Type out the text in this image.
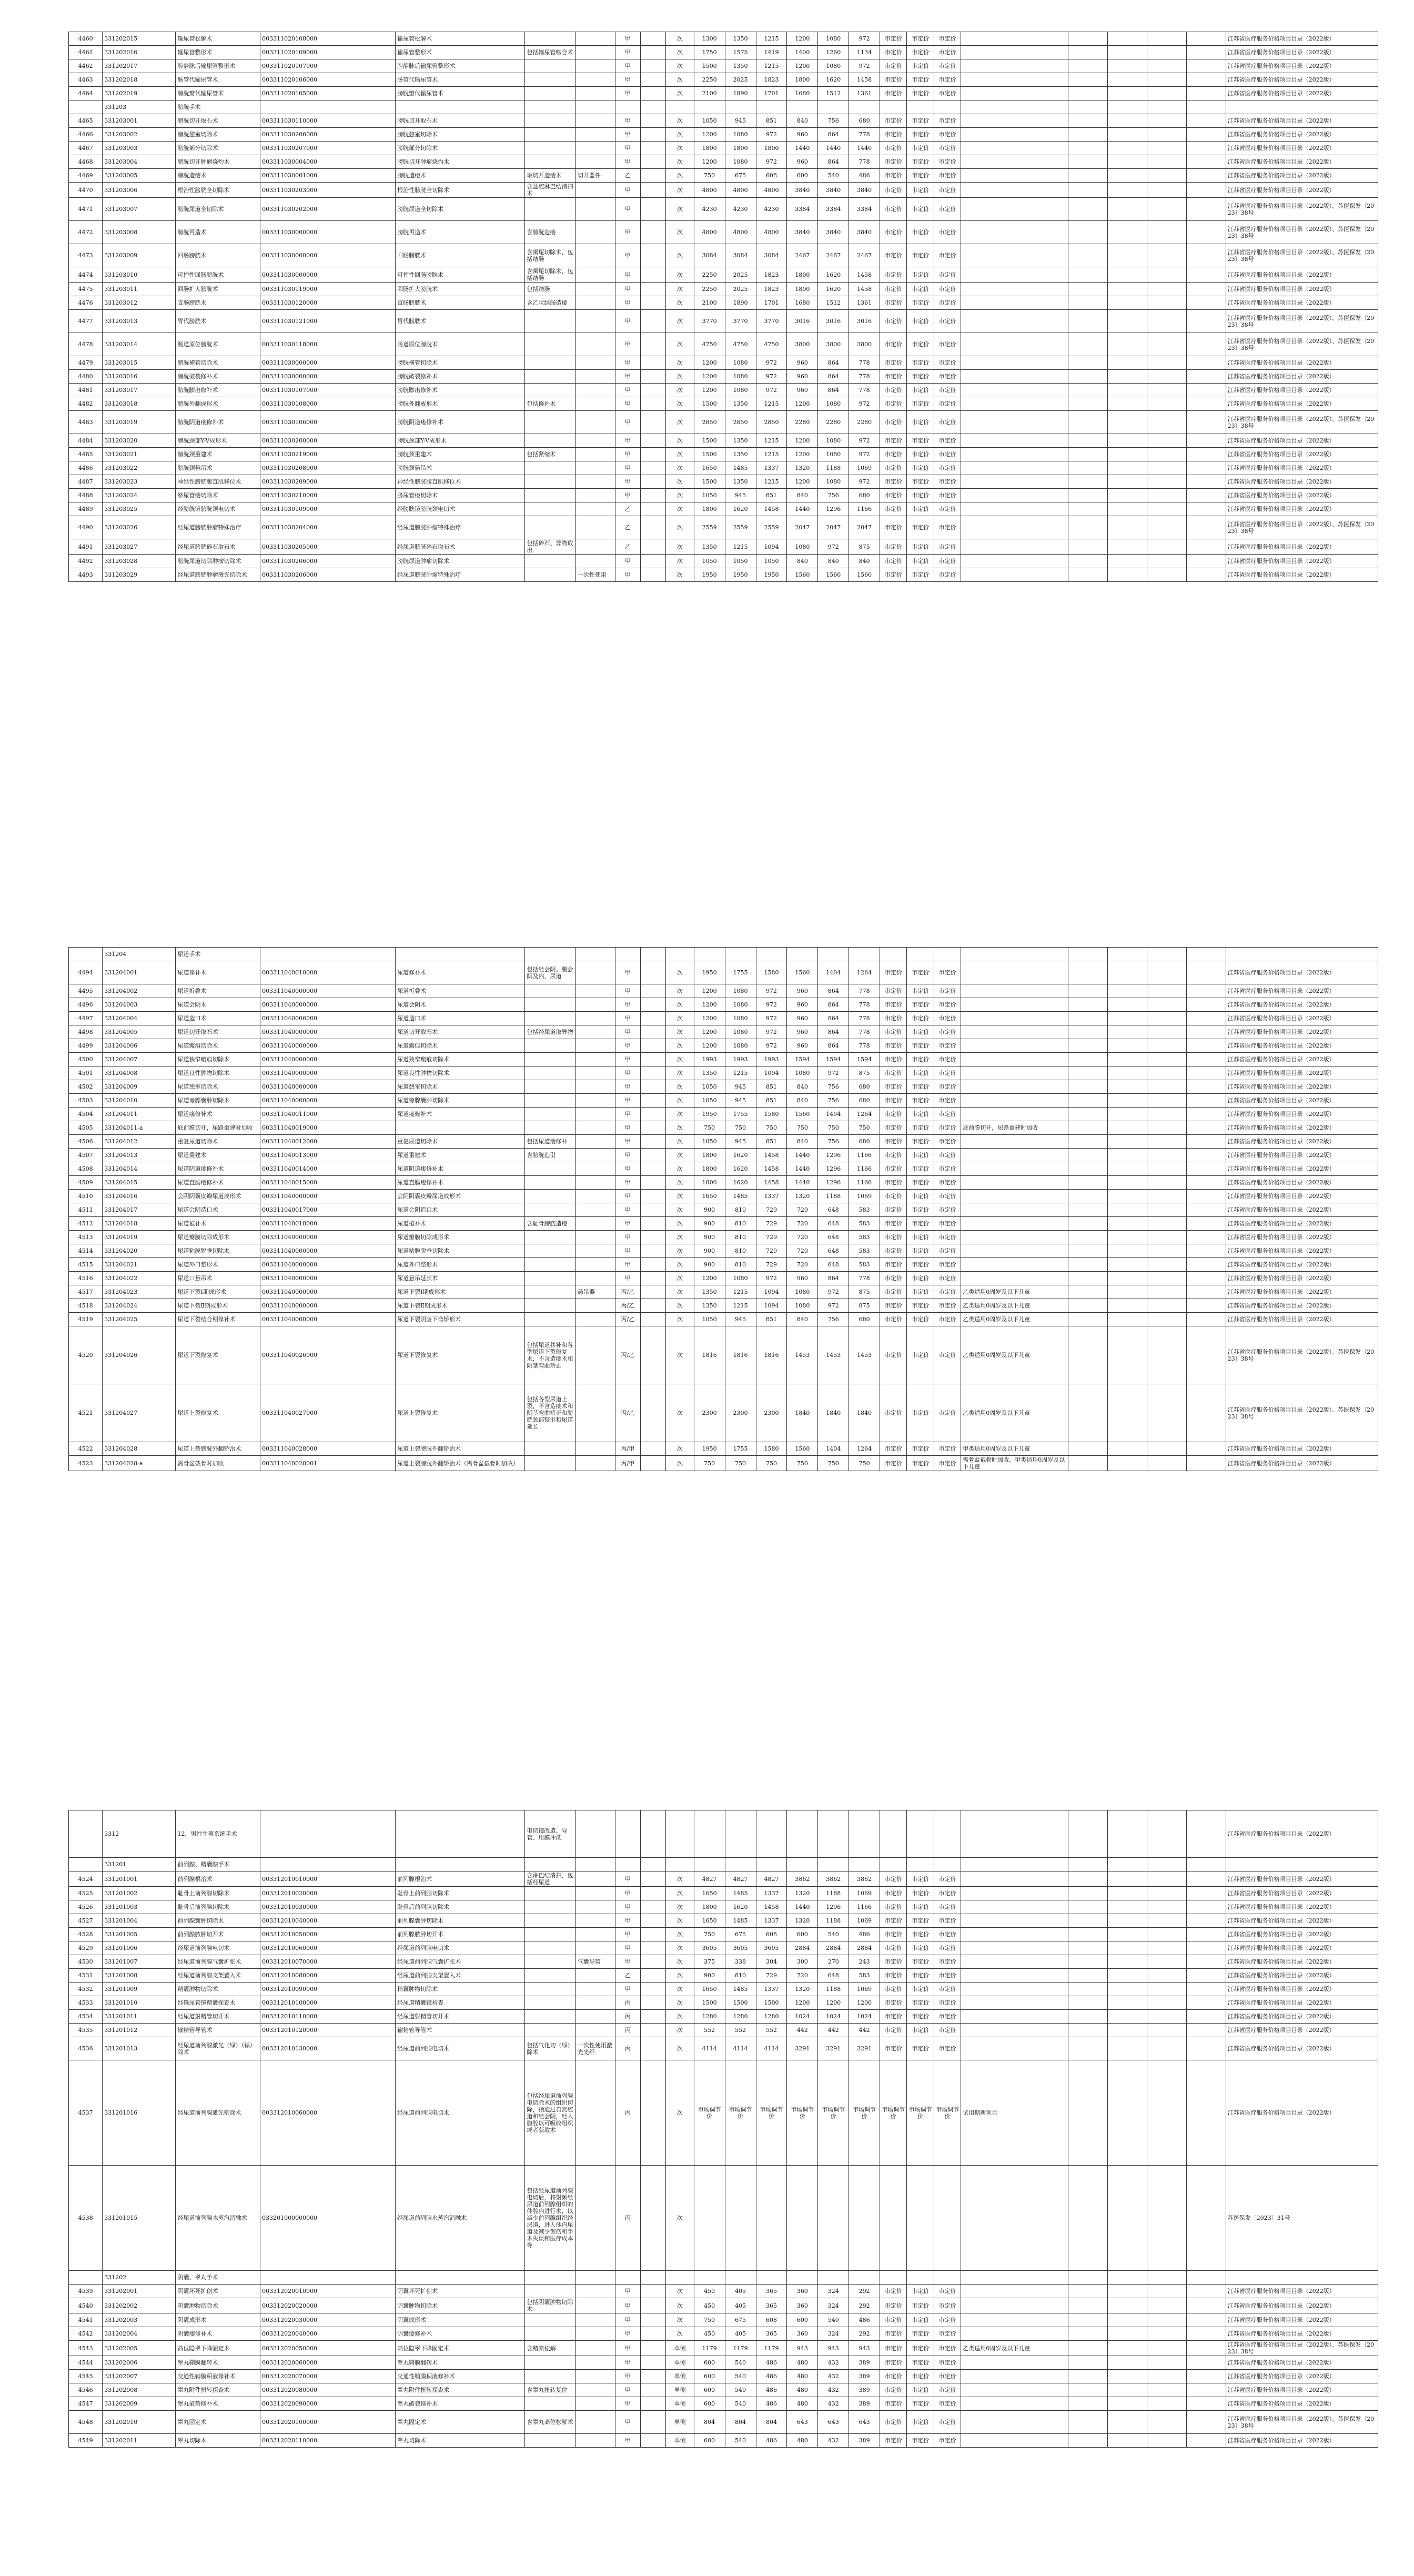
4460	331202015	输尿管松解术	003311020108000	输尿管松解术			甲		次	1300	1350	1215	1200	1080	972	市定价	市定价	市定价						江苏省医疗服务价格项目目录（2022版）
4461	331202016	输尿管整形术	003311020109000	输尿管整形术	包括输尿管吻合术		甲		次	1750	1575	1419	1400	1260	1134	市定价	市定价	市定价						江苏省医疗服务价格项目目录（2022版）
4462	331202017	腔静脉后输尿管整形术	003311020107000	腔静脉后输尿管整形术			甲		次	1500	1350	1215	1200	1080	972	市定价	市定价	市定价						江苏省医疗服务价格项目目录（2022版）
4463	331202018	肠管代输尿管术	003311020106000	肠管代输尿管术			甲		次	2250	2025	1823	1800	1620	1458	市定价	市定价	市定价						江苏省医疗服务价格项目目录（2022版）
4464	331202019	膀胱瓣代输尿管术	003311020105000	膀胱瓣代输尿管术			甲		次	2100	1890	1701	1680	1512	1361	市定价	市定价	市定价						江苏省医疗服务价格项目目录（2022版）
	331203	膀胱手术																						
4465	331203001	膀胱切开取石术	003311030110000	膀胱切开取石术			甲		次	1050	945	851	840	756	680	市定价	市定价	市定价						江苏省医疗服务价格项目目录（2022版）
4466	331203002	膀胱憩室切除术	003311030206000	膀胱憩室切除术			甲		次	1200	1080	972	960	864	778	市定价	市定价	市定价						江苏省医疗服务价格项目目录（2022版）
4467	331203003	膀胱部分切除术	003311030207000	膀胱部分切除术			甲		次	1800	1800	1800	1440	1440	1440	市定价	市定价	市定价						江苏省医疗服务价格项目目录（2022版）
4468	331203004	膀胱切开肿瘤烧灼术	003311030004000	膀胱切开肿瘤烧灼术			甲		次	1200	1080	972	960	864	778	市定价	市定价	市定价						江苏省医疗服务价格项目目录（2022版）
4469	331203005	膀胱造瘘术	003311030001000	膀胱造瘘术	取切开造瘘术	切开器件	乙		次	750	675	608	600	540	486	市定价	市定价	市定价						江苏省医疗服务价格项目目录（2022版）
4470	331203006	根治性膀胱全切除术	003311030203000	根治性膀胱全切除术	含盆腔淋巴结清扫术		甲		次	4800	4800	4800	3840	3840	3840	市定价	市定价	市定价						江苏省医疗服务价格项目目录（2022版）
4471	331203007	膀胱尿道全切除术	003311030202000	膀胱尿道全切除术			甲		次	4230	4230	4230	3384	3384	3384	市定价	市定价	市定价						江苏省医疗服务价格项目目录（2022版）、苏医保发〔2023〕38号
4472	331203008	膀胱再造术	003311030000000	膀胱再造术	含膀胱造瘘		甲		次	4800	4800	4800	3840	3840	3840	市定价	市定价	市定价						江苏省医疗服务价格项目目录（2022版）、苏医保发〔2023〕38号
4473	331203009	回肠膀胱术	003311030000000	回肠膀胱术	含阑尾切除术，包括结肠		甲		次	3084	3084	3084	2467	2467	2467	市定价	市定价	市定价						江苏省医疗服务价格项目目录（2022版）、苏医保发〔2023〕38号
4474	331203010	可控性回肠膀胱术	003311030000000	可控性回肠膀胱术	含阑尾切除术，包括结肠		甲		次	2250	2025	1823	1800	1620	1458	市定价	市定价	市定价						江苏省医疗服务价格项目目录（2022版）
4475	331203011	回肠扩大膀胱术	003311030119000	回肠扩大膀胱术	包括结肠		甲		次	2250	2025	1823	1800	1620	1458	市定价	市定价	市定价						江苏省医疗服务价格项目目录（2022版）
4476	331203012	直肠膀胱术	003311030120000	直肠膀胱术	含乙状结肠造瘘		甲		次	2100	1890	1701	1680	1512	1361	市定价	市定价	市定价						江苏省医疗服务价格项目目录（2022版）
4477	331203013	胃代膀胱术	003311030121000	胃代膀胱术			甲		次	3770	3770	3770	3016	3016	3016	市定价	市定价	市定价						江苏省医疗服务价格项目目录（2022版）、苏医保发〔2023〕38号
4478	331203014	肠道原位膀胱术	003311030118000	肠道原位膀胱术			甲		次	4750	4750	4750	3800	3800	3800	市定价	市定价	市定价						江苏省医疗服务价格项目目录（2022版）、苏医保发〔2023〕38号
4479	331203015	膀胱横管切除术	003311030000000	膀胱横管切除术			甲		次	1200	1080	972	960	864	778	市定价	市定价	市定价						江苏省医疗服务价格项目目录（2022版）
4480	331203016	膀胱破裂修补术	003311030000000	膀胱破裂修补术			甲		次	1200	1080	972	960	864	778	市定价	市定价	市定价						江苏省医疗服务价格项目目录（2022版）
4481	331203017	膀胱膨出修补术	003311030107000	膀胱膨出修补术			甲		次	1200	1080	972	960	864	778	市定价	市定价	市定价						江苏省医疗服务价格项目目录（2022版）
4482	331203018	膀胱外翻成形术	003311030108000	膀胱外翻成形术	包括修补术		甲		次	1500	1350	1215	1200	1080	972	市定价	市定价	市定价						江苏省医疗服务价格项目目录（2022版）
4483	331203019	膀胱阴道瘘修补术	003311030106000	膀胱阴道瘘修补术			甲		次	2850	2850	2850	2280	2280	2280	市定价	市定价	市定价						江苏省医疗服务价格项目目录（2022版）、苏医保发〔2023〕38号
4484	331203020	膀胱颈部Y-V成形术	003311030200000	膀胱颈部Y-V成形术			甲		次	1500	1350	1215	1200	1080	972	市定价	市定价	市定价						江苏省医疗服务价格项目目录（2022版）
4485	331203021	膀胱颈重建术	003311030219000	膀胱颈重建术	包括紧缩术		甲		次	1500	1350	1215	1200	1080	972	市定价	市定价	市定价						江苏省医疗服务价格项目目录（2022版）
4486	331203022	膀胱颈悬吊术	003311030208000	膀胱颈悬吊术			甲		次	1650	1485	1337	1320	1188	1069	市定价	市定价	市定价						江苏省医疗服务价格项目目录（2022版）
4487	331203023	神经性膀胱腹直肌移位术	003311030209000	神经性膀胱腹直肌移位术			甲		次	1500	1350	1215	1200	1080	972	市定价	市定价	市定价						江苏省医疗服务价格项目目录（2022版）
4488	331203024	脐尿管瘘切除术	003311030210000	脐尿管瘘切除术			甲		次	1050	945	851	840	756	680	市定价	市定价	市定价						江苏省医疗服务价格项目目录（2022版）
4489	331203025	经膀胱镜膀胱颈电切术	003311030109000	经膀胱镜膀胱颈电切术			乙		次	1800	1620	1458	1440	1296	1166	市定价	市定价	市定价						江苏省医疗服务价格项目目录（2022版）
4490	331203026	经尿道膀胱肿瘤特殊治疗	003311030204000	经尿道膀胱肿瘤特殊治疗			乙		次	2559	2559	2559	2047	2047	2047	市定价	市定价	市定价						江苏省医疗服务价格项目目录（2022版）、苏医保发〔2023〕38号
4491	331203027	经尿道膀胱碎石取石术	003311030205000	经尿道膀胱碎石取石术	包括碎石、异物取出		乙		次	1350	1215	1094	1080	972	875	市定价	市定价	市定价						江苏省医疗服务价格项目目录（2022版）
4492	331203028	膀胱尿道切除肿瘤切除术	003311030206000	膀胱尿道肿瘤切除术			甲		次	1050	1050	1050	840	840	840	市定价	市定价	市定价						江苏省医疗服务价格项目目录（2022版）
4493	331203029	经尿道膀胱肿瘤激光切除术	003311030206000	经尿道膀胱肿瘤特殊治疗		一次性使用	甲		次	1950	1950	1950	1560	1560	1560	市定价	市定价	市定价						江苏省医疗服务价格项目目录（2022版）
	331204	尿道手术																						
4494	331204001	尿道修补术	003311040010000	尿道修补术	包括经会阴、腹会阴及内，尿道		甲		次	1950	1755	1580	1560	1404	1264	市定价	市定价	市定价						江苏省医疗服务价格项目目录（2022版）
4495	331204002	尿道折叠术	003311040000000	尿道折叠术			甲		次	1200	1080	972	960	864	778	市定价	市定价	市定价						江苏省医疗服务价格项目目录（2022版）
4496	331204003	尿道会阴术	003311040000000	尿道会阴术			甲		次	1200	1080	972	960	864	778	市定价	市定价	市定价						江苏省医疗服务价格项目目录（2022版）
4497	331204004	尿道造口术	003311040006000	尿道造口术			甲		次	1200	1080	972	960	864	778	市定价	市定价	市定价						江苏省医疗服务价格项目目录（2022版）
4498	331204005	尿道切开取石术	003311040000000	尿道切开取石术	包括经尿道取异物		甲		次	1200	1080	972	960	864	778	市定价	市定价	市定价						江苏省医疗服务价格项目目录（2022版）
4499	331204006	尿道瘢痕切除术	003311040000000	尿道瘢痕切除术			甲		次	1200	1080	972	960	864	778	市定价	市定价	市定价						江苏省医疗服务价格项目目录（2022版）
4500	331204007	尿道狭窄瘢痕切除术	003311040000000	尿道狭窄瘢痕切除术			甲		次	1993	1993	1993	1594	1594	1594	市定价	市定价	市定价						江苏省医疗服务价格项目目录（2022版）
4501	331204008	尿道良性肿物切除术	003311040000000	尿道良性肿物切除术			甲		次	1350	1215	1094	1080	972	875	市定价	市定价	市定价						江苏省医疗服务价格项目目录（2022版）
4502	331204009	尿道憩室切除术	003311040000000	尿道憩室切除术			甲		次	1050	945	851	840	756	680	市定价	市定价	市定价						江苏省医疗服务价格项目目录（2022版）
4503	331204010	尿道旁腺囊肿切除术	003311040000000	尿道旁腺囊肿切除术			甲		次	1050	945	851	840	756	680	市定价	市定价	市定价						江苏省医疗服务价格项目目录（2022版）
4504	331204011	尿道瘘修补术	003311040011000	尿道瘘修补术			甲		次	1950	1755	1580	1560	1404	1264	市定价	市定价	市定价						江苏省医疗服务价格项目目录（2022版）
4505	331204011-a	底前膜切开，尿路重建时加收	003311040019000				甲		次	750	750	750	750	750	750	市定价	市定价	市定价	底前膜切开，尿路重建时加收					江苏省医疗服务价格项目目录（2022版）
4506	331204012	重复尿道切除术	003311040012000	重复尿道切除术	包括尿道瘘修补		甲		次	1050	945	851	840	756	680	市定价	市定价	市定价						江苏省医疗服务价格项目目录（2022版）
4507	331204013	尿道重建术	003311040013000	尿道重建术	含膀胱造引		甲		次	1800	1620	1458	1440	1296	1166	市定价	市定价	市定价						江苏省医疗服务价格项目目录（2022版）
4508	331204014	尿道阴道瘘修补术	003311040014000	尿道阴道瘘修补术			甲		次	1800	1620	1458	1440	1296	1166	市定价	市定价	市定价						江苏省医疗服务价格项目目录（2022版）
4509	331204015	尿道直肠瘘修补术	003311040015000	尿道直肠瘘修补术			甲		次	1800	1620	1458	1440	1296	1166	市定价	市定价	市定价						江苏省医疗服务价格项目目录（2022版）
4510	331204016	会阴阴囊皮瓣尿道成形术	003311040000000	会阴阴囊皮瓣尿道成形术			甲		次	1650	1485	1337	1320	1188	1069	市定价	市定价	市定价						江苏省医疗服务价格项目目录（2022版）
4511	331204017	尿道会阴造口术	003311040017000	尿道会阴造口术			甲		次	900	810	729	720	648	583	市定价	市定价	市定价						江苏省医疗服务价格项目目录（2022版）
4512	331204018	尿道植补术	003311040018000	尿道植补术	含耻骨膀胱造瘘		甲		次	900	810	729	720	648	583	市定价	市定价	市定价						江苏省医疗服务价格项目目录（2022版）
4513	331204019	尿道瓣膜切除成形术	003311040000000	尿道瓣膜切除成形术			甲		次	900	810	729	720	648	583	市定价	市定价	市定价						江苏省医疗服务价格项目目录（2022版）
4514	331204020	尿道粘膜脱垂切除术	003311040000000	尿道粘膜脱垂切除术			甲		次	900	810	729	720	648	583	市定价	市定价	市定价						江苏省医疗服务价格项目目录（2022版）
4515	331204021	尿道外口整形术	003311040000000	尿道外口整形术			甲		次	900	810	729	720	648	583	市定价	市定价	市定价						江苏省医疗服务价格项目目录（2022版）
4516	331204022	尿道口悬吊术	003311040000000	尿道悬吊延长术			甲		次	1200	1080	972	960	864	778	市定价	市定价	市定价						江苏省医疗服务价格项目目录（2022版）
4517	331204023	尿道下裂Ⅰ期成形术	003311040000000	尿道下裂Ⅰ期成形术		悬吊器	丙/乙		次	1350	1215	1094	1080	972	875	市定价	市定价	市定价	乙类适用0周岁及以下儿童					江苏省医疗服务价格项目目录（2022版）
4518	331204024	尿道下裂Ⅱ期成形术	003311040000000	尿道下裂Ⅱ期成形术			丙/乙		次	1350	1215	1094	1080	972	875	市定价	市定价	市定价	乙类适用0周岁及以下儿童					江苏省医疗服务价格项目目录（2022版）
4519	331204025	尿道下裂结合期修补术	003311040000000	尿道下裂阴茎下弯矫形术			丙/乙		次	1050	945	851	840	756	680	市定价	市定价	市定价	乙类适用0周岁及以下儿童					江苏省医疗服务价格项目目录（2022版）
4520	331204026	尿道下裂修复术	003311040026000	尿道下裂修复术	包括尿道移补和各型尿道下裂修复术，不含造瘘术和阴茎弯曲矫正		丙/乙		次	1816	1816	1816	1453	1453	1453	市定价	市定价	市定价	乙类适用0周岁及以下儿童					江苏省医疗服务价格项目目录（2022版）、苏医保发〔2023〕38号
4521	331204027	尿道上裂修复术	003311040027000	尿道上裂修复术	包括各型尿道上裂，不含造瘘术和阴茎弯曲矫正和膀胱颈部整形和尿道延长		丙/乙		次	2300	2300	2300	1840	1840	1840	市定价	市定价	市定价	乙类适用0周岁及以下儿童					江苏省医疗服务价格项目目录（2022版）、苏医保发〔2023〕38号
4522	331204028	尿道上裂膀胱外翻矫治术	003311040028000	尿道上裂膀胱外翻矫治术			丙/甲		次	1950	1755	1580	1560	1404	1264	市定价	市定价	市定价	甲类适用0周岁及以下儿童					江苏省医疗服务价格项目目录（2022版）
4523	331204028-a	需骨盆截骨时加收	003311040028001	尿道上裂膀胱外翻矫治术（需骨盆截骨时加收）			丙/甲		次	750	750	750	750	750	750	市定价	市定价	市定价	需骨盆截骨时加收，甲类适用0周岁及以下儿童					江苏省医疗服务价格项目目录（2022版）
	3312	12．男性生殖系统手术			电切镜改造、导管、用膜冲洗																			江苏省医疗服务价格项目目录（2022版）
	331201	前列腺、精囊腺手术																						
4524	331201001	前列腺根治术	003312010010000	前列腺根治术	含淋巴结清扫，包括经尿道		甲		次	4827	4827	4827	3862	3862	3862	市定价	市定价	市定价						江苏省医疗服务价格项目目录（2022版）
4525	331201002	耻骨上前列腺切除术	003312010020000	耻骨上前列腺切除术			甲		次	1650	1485	1337	1320	1188	1069	市定价	市定价	市定价						江苏省医疗服务价格项目目录（2022版）
4526	331201003	耻骨后前列腺切除术	003312010030000	耻骨后前列腺切除术			甲		次	1800	1620	1458	1440	1296	1166	市定价	市定价	市定价						江苏省医疗服务价格项目目录（2022版）
4527	331201004	前列腺囊肿切除术	003312010040000	前列腺囊肿切除术			甲		次	1650	1485	1337	1320	1188	1069	市定价	市定价	市定价						江苏省医疗服务价格项目目录（2022版）
4528	331201005	前列腺脓肿切开术	003312010050000	前列腺脓肿切开术			甲		次	750	675	608	600	540	486	市定价	市定价	市定价						江苏省医疗服务价格项目目录（2022版）
4529	331201006	经尿道前列腺电切术	003312010060000	经尿道前列腺电切术			甲		次	3605	3605	3605	2884	2884	2884	市定价	市定价	市定价						江苏省医疗服务价格项目目录（2022版）
4530	331201007	经尿道前列腺气囊扩张术	003312010070000	经尿道前列腺气囊扩张术		气囊导管	甲		次	375	338	304	300	270	243	市定价	市定价	市定价						江苏省医疗服务价格项目目录（2022版）
4531	331201008	经尿道前列腺支架置入术	003312010080000	经尿道前列腺支架置入术			乙		次	900	810	729	720	648	583	市定价	市定价	市定价						江苏省医疗服务价格项目目录（2022版）
4532	331201009	精囊肿物切除术	003312010090000	精囊肿物切除术			甲		次	1650	1485	1337	1320	1188	1069	市定价	市定价	市定价						江苏省医疗服务价格项目目录（2022版）
4533	331201010	经输尿管镜精囊探查术	003312010100000	经尿道精囊镜检查			丙		次	1500	1500	1500	1200	1200	1200	市定价	市定价	市定价						江苏省医疗服务价格项目目录（2022版）
4534	331201011	经尿道射精管切开术	003312010110000	经尿道射精管切开术			丙		次	1280	1280	1280	1024	1024	1024	市定价	市定价	市定价						江苏省医疗服务价格项目目录（2022版）
4535	331201012	输精管导管术	003312010120000	输精管导管术			丙		次	552	552	552	442	442	442	市定价	市定价	市定价						江苏省医疗服务价格项目目录（2022版）
4536	331201013	经尿道前列腺激光（绿）（铥）除术	003312010130000	经尿道前列腺电切术	包括气化切（绿）除术	一次性使用激光光纤	丙		次	4114	4114	4114	3291	3291	3291	市定价	市定价	市定价						江苏省医疗服务价格项目目录（2022版）
4537	331201016	经尿道前列腺激光剜除术	003312010060000	经尿道前列腺电切术	包括经尿道前列腺电切除术的组织切除，指通过自然腔道和经会阴，经人腹腔以可吸收组织或者获取术		丙		次	市场调节价	市场调节价	市场调节价	市场调节价	市场调节价	市场调节价	市场调节价	市场调节价	市场调节价	试用期新项目					江苏省医疗服务价格项目目录（2022版）
4538	331201015	经尿道前列腺水蒸汽消融术	033201000000000	经尿道前列腺水蒸汽消融术	包括经尿道前列腺电切后，将射频经尿道前列腺组织的体腔内进行术，以减少前列腺组织经尿道，进入体内尿道及减少创伤和手术失误和医疗成本等		丙		次															苏医保发〔2023〕31号
	331202	阴囊、睾丸手术																						
4539	331202001	阴囊坏死扩创术	003312020010000	阴囊坏死扩创术			甲		次	450	405	365	360	324	292	市定价	市定价	市定价						江苏省医疗服务价格项目目录（2022版）
4540	331202002	阴囊肿物切除术	003312020020000	阴囊肿物切除术	包括阴囊肿物切除术		甲		次	450	405	365	360	324	292	市定价	市定价	市定价						江苏省医疗服务价格项目目录（2022版）
4541	331202003	阴囊成形术	003312020030000	阴囊成形术			甲		次	750	675	608	600	540	486	市定价	市定价	市定价						江苏省医疗服务价格项目目录（2022版）
4542	331202004	阴囊瘘修补术	003312020040000	阴囊瘘修补术			甲		次	450	405	365	360	324	292	市定价	市定价	市定价						江苏省医疗服务价格项目目录（2022版）
4543	331202005	高位隐睾下降固定术	003312020050000	高位隐睾下降固定术	含精索松解		甲		单侧	1179	1179	1179	943	943	943	市定价	市定价	市定价	乙类适用0周岁及以下儿童					江苏省医疗服务价格项目目录（2022版）、苏医保发〔2023〕38号
4544	331202006	睾丸鞘膜翻转术	003312020060000	睾丸鞘膜翻转术			甲		单侧	600	540	486	480	432	389	市定价	市定价	市定价						江苏省医疗服务价格项目目录（2022版）
4545	331202007	交通性鞘膜积液修补术	003312020070000	交通性鞘膜积液修补术			甲		单侧	600	540	486	480	432	389	市定价	市定价	市定价						江苏省医疗服务价格项目目录（2022版）
4546	331202008	睾丸附件扭转探查术	003312020080000	睾丸附件扭转探查术	含睾丸扭转复位		甲		单侧	600	540	486	480	432	389	市定价	市定价	市定价						江苏省医疗服务价格项目目录（2022版）
4547	331202009	睾丸破裂修补术	003312020090000	睾丸破裂修补术			甲		单侧	600	540	486	480	432	389	市定价	市定价	市定价						江苏省医疗服务价格项目目录（2022版）
4548	331202010	睾丸固定术	003312020100000	睾丸固定术	含睾丸高位松解术		甲		单侧	804	804	804	643	643	643	市定价	市定价	市定价						江苏省医疗服务价格项目目录（2022版）、苏医保发〔2023〕38号
4549	331202011	睾丸切除术	003312020110000	睾丸切除术			甲		单侧	600	540	486	480	432	389	市定价	市定价	市定价						江苏省医疗服务价格项目目录（2022版）
